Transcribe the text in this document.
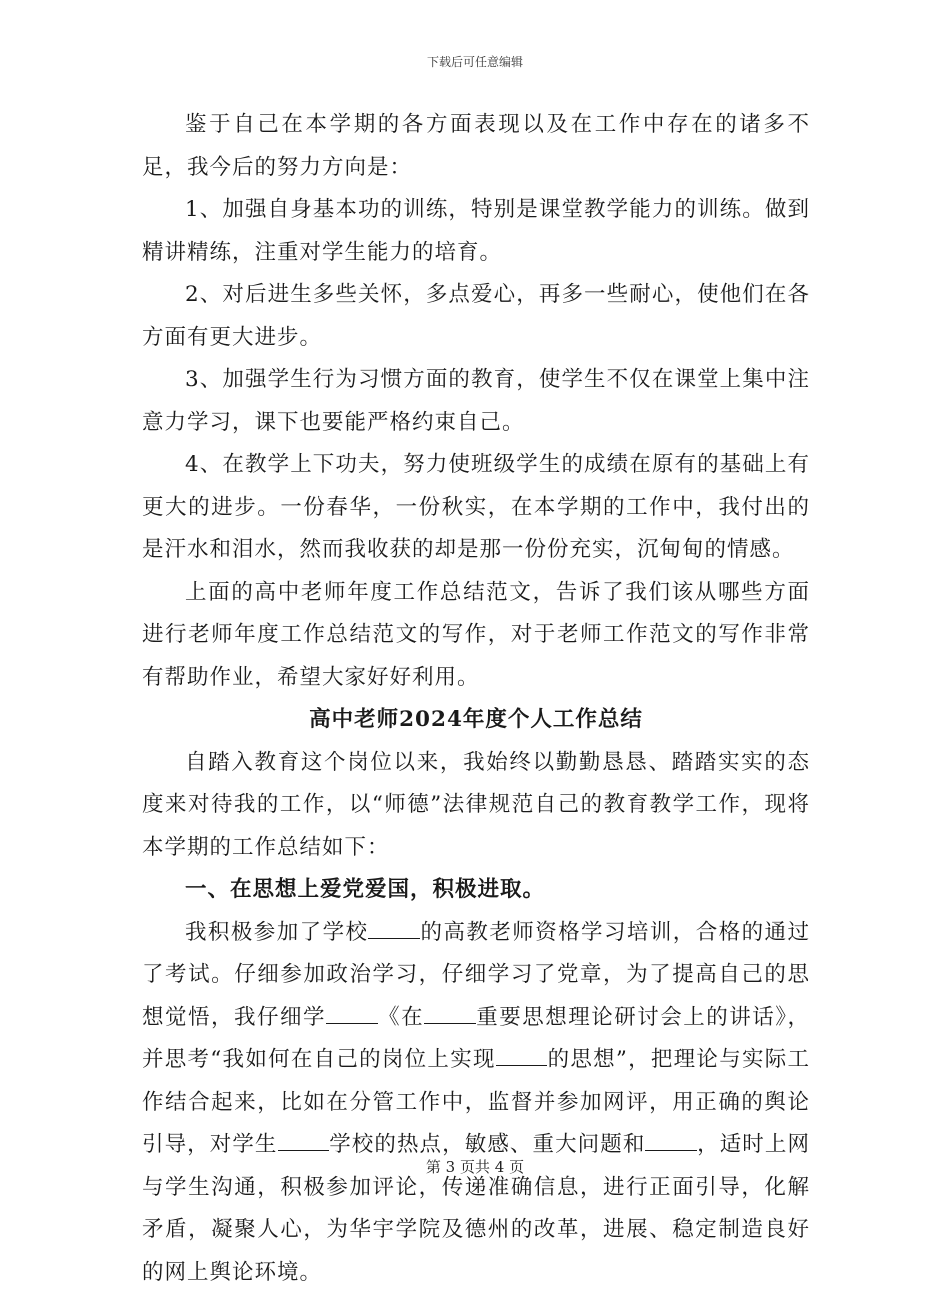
下载后可任意编辑

鉴于自己在本学期的各方面表现以及在工作中存在的诸多不足，我今后的努力方向是：

1、加强自身基本功的训练，特别是课堂教学能力的训练。做到精讲精练，注重对学生能力的培育。

2、对后进生多些关怀，多点爱心，再多一些耐心，使他们在各方面有更大进步。

3、加强学生行为习惯方面的教育，使学生不仅在课堂上集中注意力学习，课下也要能严格约束自己。

4、在教学上下功夫，努力使班级学生的成绩在原有的基础上有更大的进步。一份春华，一份秋实，在本学期的工作中，我付出的是汗水和泪水，然而我收获的却是那一份份充实，沉甸甸的情感。

上面的高中老师年度工作总结范文，告诉了我们该从哪些方面进行老师年度工作总结范文的写作，对于老师工作范文的写作非常有帮助作业，希望大家好好利用。

高中老师2024年度个人工作总结

自踏入教育这个岗位以来，我始终以勤勤恳恳、踏踏实实的态度来对待我的工作，以“师德”法律规范自己的教育教学工作，现将本学期的工作总结如下：

一、在思想上爱党爱国，积极进取。

我积极参加了学校 的高教老师资格学习培训，合格的通过了考试。仔细参加政治学习，仔细学习了党章，为了提高自己的思想觉悟，我仔细学 《在 重要思想理论研讨会上的讲话》，并思考“我如何在自己的岗位上实现 的思想”，把理论与实际工作结合起来，比如在分管工作中，监督并参加网评，用正确的舆论引导，对学生 学校的热点，敏感、重大问题和 ，适时上网与学生沟通，积极参加评论，传递准确信息，进行正面引导，化解矛盾，凝聚人心，为华宇学院及德州的改革，进展、稳定制造良好的网上舆论环境。

第 3 页共 4 页
